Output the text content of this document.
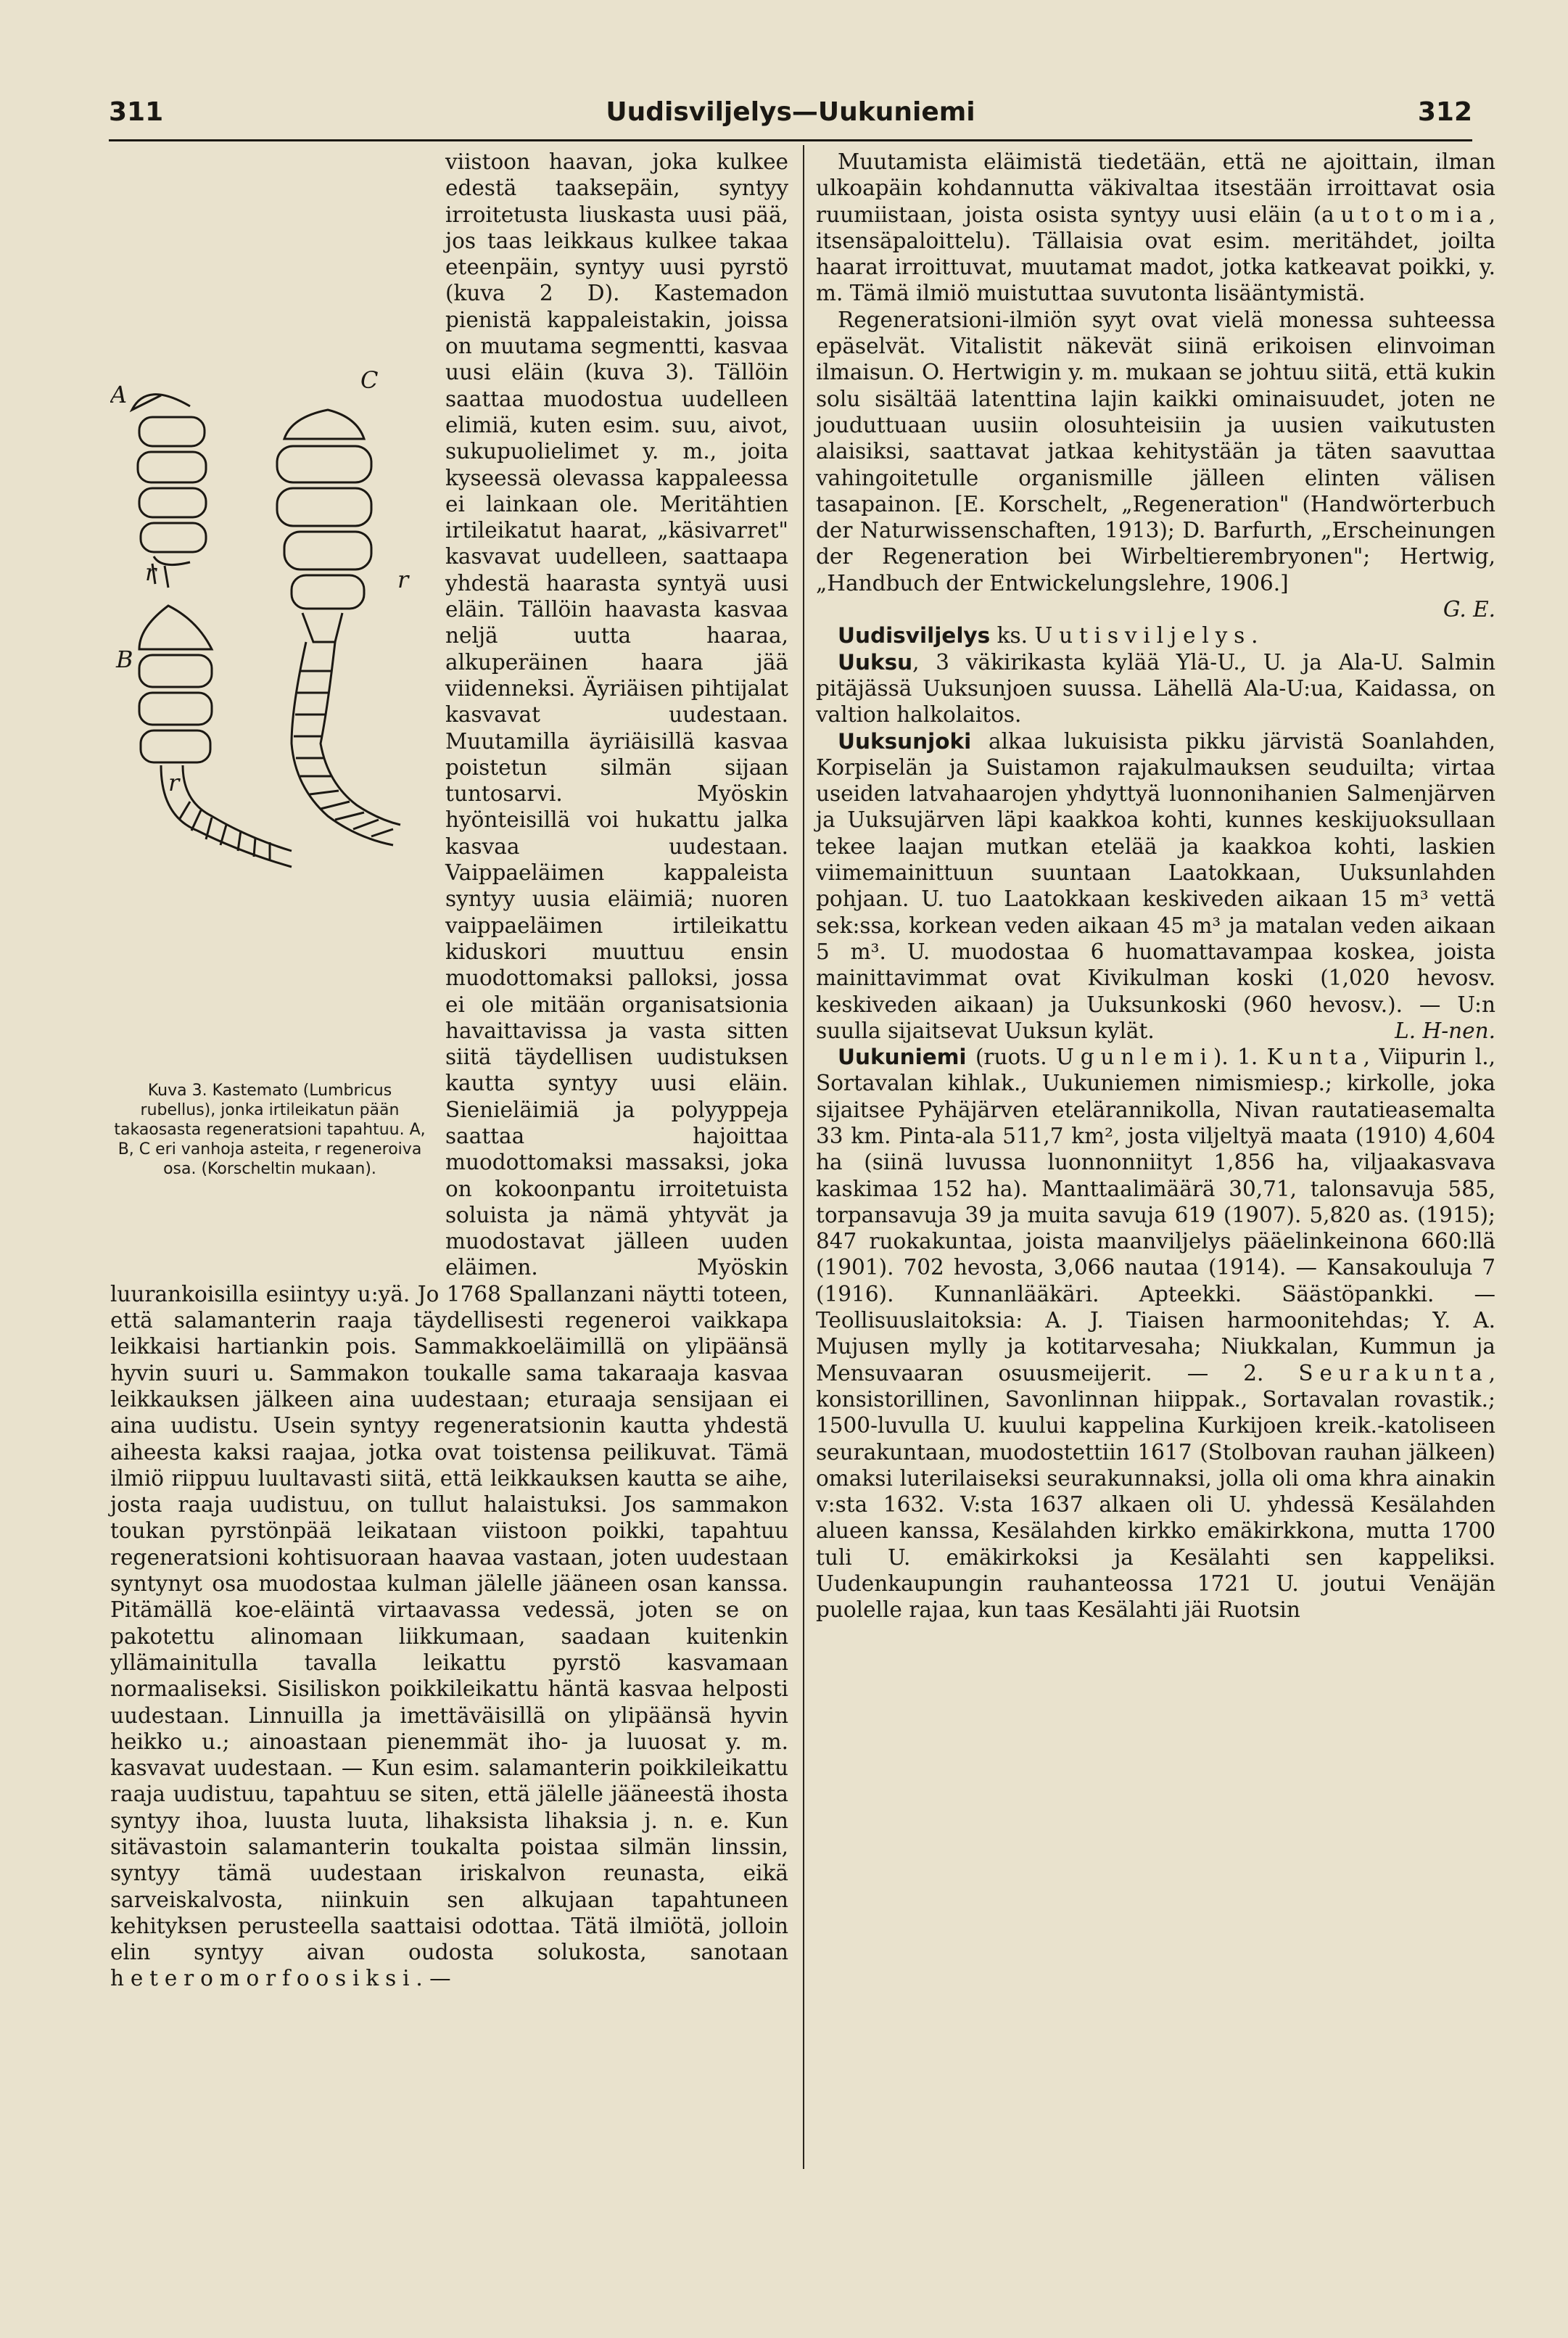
311	Uudisviljelys—Uukuniemi	312
A
B
C
r
r
r
Kuva 3. Kastemato (Lumbricus rubellus), jonka irtileikatun pään takaosasta regeneratsioni tapahtuu. A, B, C eri vanhoja asteita, r regeneroiva osa. (Korscheltin mukaan).

viistoon haavan, joka kulkee edestä taaksepäin, syntyy irroitetusta liuskasta uusi pää, jos taas leikkaus kulkee takaa eteenpäin, syntyy uusi pyrstö (kuva 2 D). Kastemadon pienistä kappaleistakin, joissa on muutama segmentti, kasvaa uusi eläin (kuva 3). Tällöin saattaa muodostua uudelleen elimiä, kuten esim. suu, aivot, sukupuolielimet y. m., joita kyseessä olevassa kappaleessa ei lainkaan ole. Meritähtien irtileikatut haarat, „käsivarret" kasvavat uudelleen, saattaapa yhdestä haarasta syntyä uusi eläin. Tällöin haavasta kasvaa neljä uutta haaraa, alkuperäinen haara jää viidenneksi. Äyriäisen pihtijalat kasvavat uudestaan. Muutamilla äyriäisillä kasvaa poistetun silmän sijaan tuntosarvi. Myöskin hyönteisillä voi hukattu jalka kasvaa uudestaan. Vaippaeläimen kappaleista syntyy uusia eläimiä; nuoren vaippaeläimen irtileikattu kiduskori muuttuu ensin muodottomaksi palloksi, jossa ei ole mitään organisatsionia havaittavissa ja vasta sitten siitä täydellisen uudistuksen kautta syntyy uusi eläin. Sienieläimiä ja polyyppeja saattaa hajoittaa muodottomaksi massaksi, joka on kokoonpantu irroitetuista soluista ja nämä yhtyvät ja muodostavat jälleen uuden eläimen. Myöskin luurankoisilla esiintyy u:yä. Jo 1768 Spallanzani näytti toteen, että salamanterin raaja täydellisesti regeneroi vaikkapa leikkaisi hartiankin pois. Sammakkoeläimillä on ylipäänsä hyvin suuri u. Sammakon toukalle sama takaraaja kasvaa leikkauksen jälkeen aina uudestaan; eturaaja sensijaan ei aina uudistu. Usein syntyy regeneratsionin kautta yhdestä aiheesta kaksi raajaa, jotka ovat toistensa peilikuvat. Tämä ilmiö riippuu luultavasti siitä, että leikkauksen kautta se aihe, josta raaja uudistuu, on tullut halaistuksi. Jos sammakon toukan pyrstönpää leikataan viistoon poikki, tapahtuu regeneratsioni kohtisuoraan haavaa vastaan, joten uudestaan syntynyt osa muodostaa kulman jälelle jääneen osan kanssa. Pitämällä koe-eläintä virtaavassa vedessä, joten se on pakotettu alinomaan liikkumaan, saadaan kuitenkin yllämainitulla tavalla leikattu pyrstö kasvamaan normaaliseksi. Sisiliskon poikkileikattu häntä kasvaa helposti uudestaan. Linnuilla ja imettäväisillä on ylipäänsä hyvin heikko u.; ainoastaan pienemmät iho- ja luuosat y. m. kasvavat uudestaan. — Kun esim. salamanterin poikkileikattu raaja uudistuu, tapahtuu se siten, että jälelle jääneestä ihosta syntyy ihoa, luusta luuta, lihaksista lihaksia j. n. e. Kun sitävastoin salamanterin toukalta poistaa silmän linssin, syntyy tämä uudestaan iriskalvon reunasta, eikä sarveiskalvosta, niinkuin sen alkujaan tapahtuneen kehityksen perusteella saattaisi odottaa. Tätä ilmiötä, jolloin elin syntyy aivan oudosta solukosta, sanotaan heteromorfoosiksi. —

Muutamista eläimistä tiedetään, että ne ajoittain, ilman ulkoapäin kohdannutta väkivaltaa itsestään irroittavat osia ruumiistaan, joista osista syntyy uusi eläin (autotomia, itsensäpaloittelu). Tällaisia ovat esim. meritähdet, joilta haarat irroittuvat, muutamat madot, jotka katkeavat poikki, y. m. Tämä ilmiö muistuttaa suvutonta lisääntymistä.

Regeneratsioni-ilmiön syyt ovat vielä monessa suhteessa epäselvät. Vitalistit näkevät siinä erikoisen elinvoiman ilmaisun. O. Hertwigin y. m. mukaan se johtuu siitä, että kukin solu sisältää latenttina lajin kaikki ominaisuudet, joten ne jouduttuaan uusiin olosuhteisiin ja uusien vaikutusten alaisiksi, saattavat jatkaa kehitystään ja täten saavuttaa vahingoitetulle organismille jälleen elinten välisen tasapainon. [E. Korschelt, „Regeneration" (Handwörterbuch der Naturwissenschaften, 1913); D. Barfurth, „Erscheinungen der Regeneration bei Wirbeltierembryonen"; Hertwig, „Handbuch der Entwickelungslehre, 1906.]

G. E.

Uudisviljelys ks. Uutisviljelys.

Uuksu, 3 väkirikasta kylää Ylä-U., U. ja Ala-U. Salmin pitäjässä Uuksunjoen suussa. Lähellä Ala-U:ua, Kaidassa, on valtion halkolaitos.

Uuksunjoki alkaa lukuisista pikku järvistä Soanlahden, Korpiselän ja Suistamon rajakulmauksen seuduilta; virtaa useiden latvahaarojen yhdyttyä luonnonihanien Salmenjärven ja Uuksujärven läpi kaakkoa kohti, kunnes keskijuoksullaan tekee laajan mutkan etelää ja kaakkoa kohti, laskien viimemainittuun suuntaan Laatokkaan, Uuksunlahden pohjaan. U. tuo Laatokkaan keskiveden aikaan 15 m³ vettä sek:ssa, korkean veden aikaan 45 m³ ja matalan veden aikaan 5 m³. U. muodostaa 6 huomattavampaa koskea, joista mainittavimmat ovat Kivikulman koski (1,020 hevosv. keskiveden aikaan) ja Uuksunkoski (960 hevosv.). — U:n suulla sijaitsevat Uuksun kylät.	L. H-nen.

Uukuniemi (ruots. Ugunlemi). 1. Kunta, Viipurin l., Sortavalan kihlak., Uukuniemen nimismiesp.; kirkolle, joka sijaitsee Pyhäjärven etelärannikolla, Nivan rautatieasemalta 33 km. Pinta-ala 511,7 km², josta viljeltyä maata (1910) 4,604 ha (siinä luvussa luonnonniityt 1,856 ha, viljaakasvava kaskimaa 152 ha). Manttaalimäärä 30,71, talonsavuja 585, torpansavuja 39 ja muita savuja 619 (1907). 5,820 as. (1915); 847 ruokakuntaa, joista maanviljelys pääelinkeinona 660:llä (1901). 702 hevosta, 3,066 nautaa (1914). — Kansakouluja 7 (1916). Kunnanlääkäri. Apteekki. Säästöpankki. — Teollisuuslaitoksia: A. J. Tiaisen harmoonitehdas; Y. A. Mujusen mylly ja kotitarvesaha; Niukkalan, Kummun ja Mensuvaaran osuusmeijerit. — 2. Seurakunta, konsistorillinen, Savonlinnan hiippak., Sortavalan rovastik.; 1500-luvulla U. kuului kappelina Kurkijoen kreik.-katoliseen seurakuntaan, muodostettiin 1617 (Stolbovan rauhan jälkeen) omaksi luterilaiseksi seurakunnaksi, jolla oli oma khra ainakin v:sta 1632. V:sta 1637 alkaen oli U. yhdessä Kesälahden alueen kanssa, Kesälahden kirkko emäkirkkona, mutta 1700 tuli U. emäkirkoksi ja Kesälahti sen kappeliksi. Uudenkaupungin rauhanteossa 1721 U. joutui Venäjän puolelle rajaa, kun taas Kesälahti jäi Ruotsin
